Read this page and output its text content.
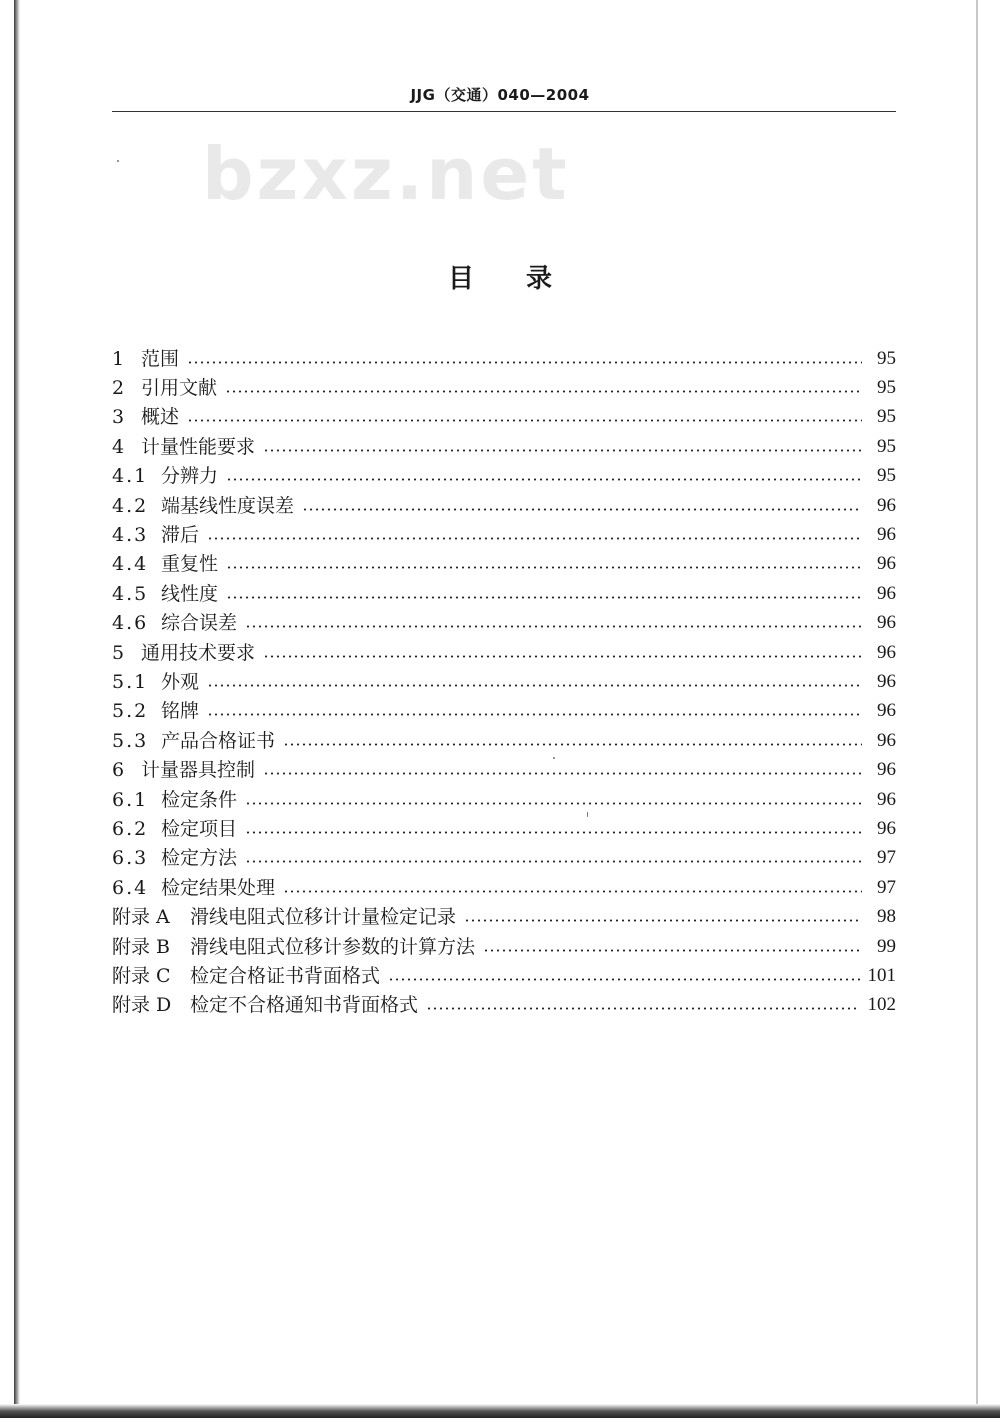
JJG（交通）040—2004
bzxz.net
目录
1 范围	95
2 引用文献	95
3 概述	95
4 计量性能要求	95
4.1 分辨力	95
4.2 端基线性度误差	96
4.3 滞后	96
4.4 重复性	96
4.5 线性度	96
4.6 综合误差	96
5 通用技术要求	96
5.1 外观	96
5.2 铭牌	96
5.3 产品合格证书	96
6 计量器具控制	96
6.1 检定条件	96
6.2 检定项目	96
6.3 检定方法	97
6.4 检定结果处理	97
附录 A	滑线电阻式位移计计量检定记录	98
附录 B	滑线电阻式位移计参数的计算方法	99
附录 C	检定合格证书背面格式	101
附录 D 检定不合格通知书背面格式	102
